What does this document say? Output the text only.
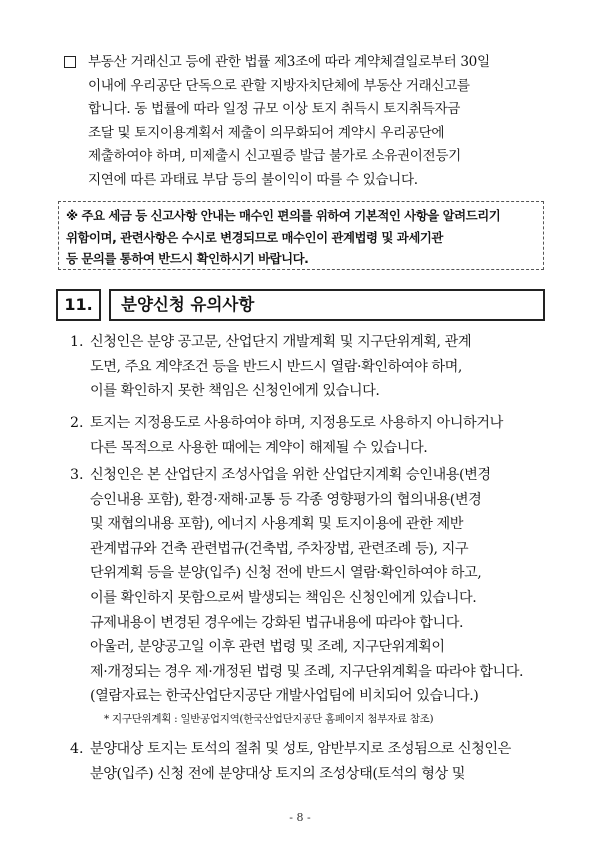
부동산 거래신고 등에 관한 법률 제3조에 따라 계약체결일로부터 30일
이내에 우리공단 단독으로 관할 지방자치단체에 부동산 거래신고를
합니다. 동 법률에 따라 일정 규모 이상 토지 취득시 토지취득자금
조달 및 토지이용계획서 제출이 의무화되어 계약시 우리공단에
제출하여야 하며, 미제출시 신고필증 발급 불가로 소유권이전등기
지연에 따른 과태료 부담 등의 불이익이 따를 수 있습니다.
※ 주요 세금 등 신고사항 안내는 매수인 편의를 위하여 기본적인 사항을 알려드리기
위함이며, 관련사항은 수시로 변경되므로 매수인이 관계법령 및 과세기관
등 문의를 통하여 반드시 확인하시기 바랍니다.
11.	분양신청 유의사항
1. 신청인은 분양 공고문, 산업단지 개발계획 및 지구단위계획, 관계
도면, 주요 계약조건 등을 반드시 반드시 열람·확인하여야 하며,
이를 확인하지 못한 책임은 신청인에게 있습니다.
2. 토지는 지정용도로 사용하여야 하며, 지정용도로 사용하지 아니하거나
다른 목적으로 사용한 때에는 계약이 해제될 수 있습니다.
3. 신청인은 본 산업단지 조성사업을 위한 산업단지계획 승인내용(변경
승인내용 포함), 환경·재해·교통 등 각종 영향평가의 협의내용(변경
및 재협의내용 포함), 에너지 사용계획 및 토지이용에 관한 제반
관계법규와 건축 관련법규(건축법, 주차장법, 관련조례 등), 지구
단위계획 등을 분양(입주) 신청 전에 반드시 열람·확인하여야 하고,
이를 확인하지 못함으로써 발생되는 책임은 신청인에게 있습니다.
규제내용이 변경된 경우에는 강화된 법규내용에 따라야 합니다.
아울러, 분양공고일 이후 관련 법령 및 조례, 지구단위계획이
제·개정되는 경우 제·개정된 법령 및 조례, 지구단위계획을 따라야 합니다.
(열람자료는 한국산업단지공단 개발사업팀에 비치되어 있습니다.)
* 지구단위계획 : 일반공업지역(한국산업단지공단 홈페이지 첨부자료 참조)
4. 분양대상 토지는 토석의 절취 및 성토, 암반부지로 조성됨으로 신청인은
분양(입주) 신청 전에 분양대상 토지의 조성상태(토석의 형상 및
- 8 -
